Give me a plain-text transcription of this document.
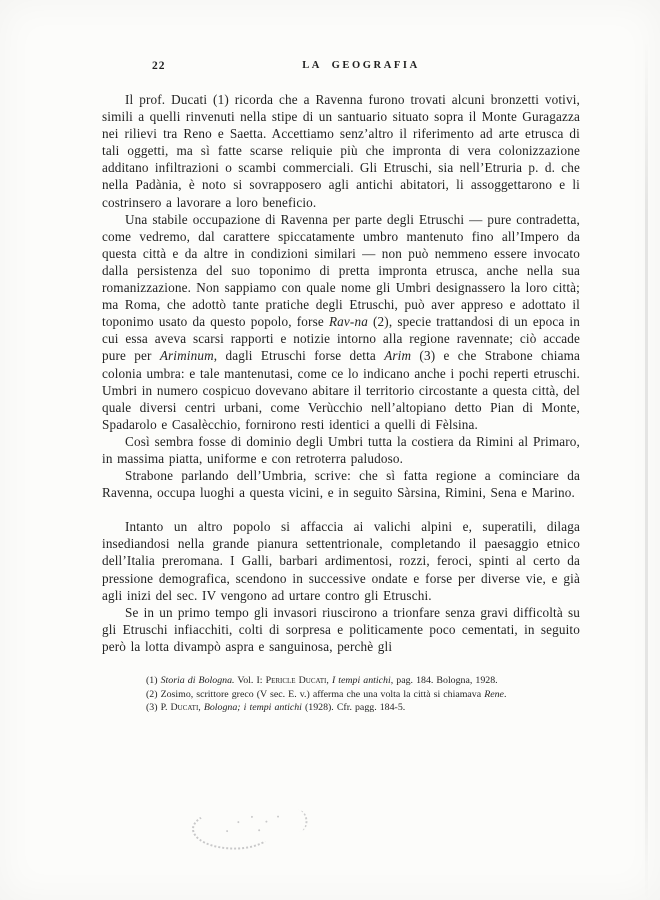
22	LA GEOGRAFIA
Il prof. Ducati (1) ricorda che a Ravenna furono trovati alcuni bronzetti votivi, simili a quelli rinvenuti nella stipe di un santuario situato sopra il Monte Guragazza nei rilievi tra Reno e Saetta. Accettiamo senz’altro il riferimento ad arte etrusca di tali oggetti, ma sì fatte scarse reliquie più che impronta di vera colonizzazione additano infiltrazioni o scambi commerciali. Gli Etruschi, sia nell’Etruria p. d. che nella Padània, è noto si sovrapposero agli antichi abitatori, li assoggettarono e li costrinsero a lavorare a loro beneficio.
Una stabile occupazione di Ravenna per parte degli Etruschi — pure contradetta, come vedremo, dal carattere spiccatamente umbro mantenuto fino all’Impero da questa città e da altre in condizioni similari — non può nemmeno essere invocato dalla persistenza del suo toponimo di pretta impronta etrusca, anche nella sua romanizzazione. Non sappiamo con quale nome gli Umbri designassero la loro città; ma Roma, che adottò tante pratiche degli Etruschi, può aver appreso e adottato il toponimo usato da questo popolo, forse Rav-na (2), specie trattandosi di un epoca in cui essa aveva scarsi rapporti e notizie intorno alla regione ravennate; ciò accade pure per Ariminum, dagli Etruschi forse detta Arim (3) e che Strabone chiama colonia umbra: e tale mantenutasi, come ce lo indicano anche i pochi reperti etruschi. Umbri in numero cospicuo dovevano abitare il territorio circostante a questa città, del quale diversi centri urbani, come Verùcchio nell’altopiano detto Pian di Monte, Spadarolo e Casalècchio, fornirono resti identici a quelli di Fèlsina.
Così sembra fosse di dominio degli Umbri tutta la costiera da Rimini al Primaro, in massima piatta, uniforme e con retroterra paludoso.
Strabone parlando dell’Umbria, scrive: che sì fatta regione a cominciare da Ravenna, occupa luoghi a questa vicini, e in seguito Sàrsina, Rimini, Sena e Marino.
Intanto un altro popolo si affaccia ai valichi alpini e, superatili, dilaga insediandosi nella grande pianura settentrionale, completando il paesaggio etnico dell’Italia preromana. I Galli, barbari ardimentosi, rozzi, feroci, spinti al certo da pressione demografica, scendono in successive ondate e forse per diverse vie, e già agli inizi del sec. IV vengono ad urtare contro gli Etruschi.
Se in un primo tempo gli invasori riuscirono a trionfare senza gravi difficoltà su gli Etruschi infiacchiti, colti di sorpresa e politicamente poco cementati, in seguito però la lotta divampò aspra e sanguinosa, perchè gli
(1) Storia di Bologna. Vol. I: Pericle Ducati, I tempi antichi, pag. 184. Bologna, 1928.
(2) Zosimo, scrittore greco (V sec. E. v.) afferma che una volta la città si chiamava Rene.
(3) P. Ducati, Bologna; i tempi antichi (1928). Cfr. pagg. 184-5.
